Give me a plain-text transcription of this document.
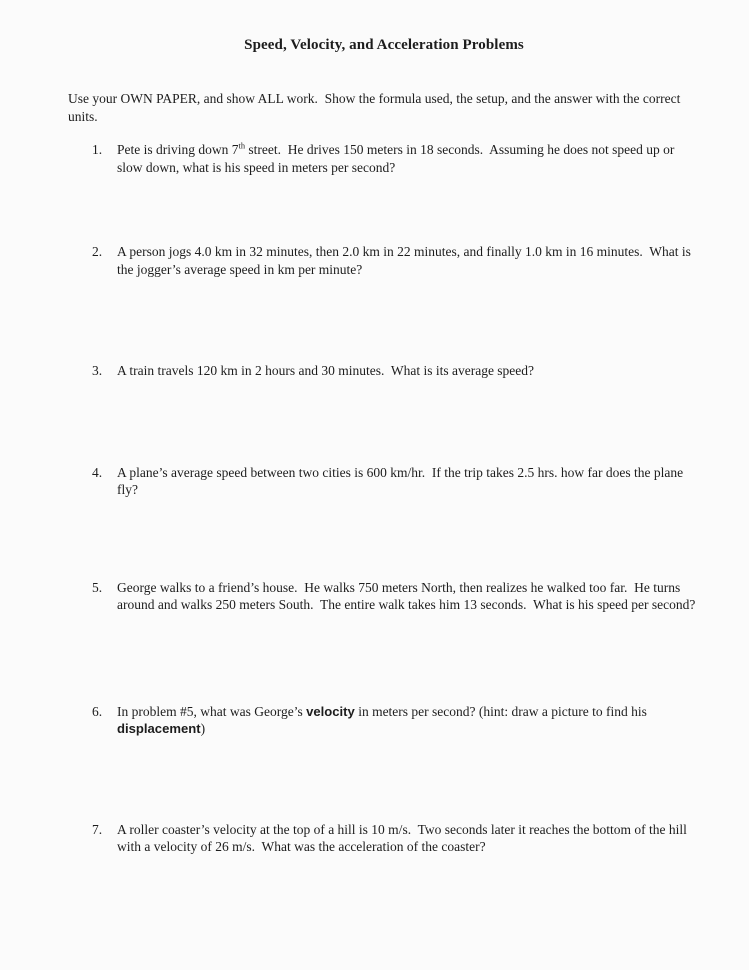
Speed, Velocity, and Acceleration Problems

Use your OWN PAPER, and show ALL work.  Show the formula used, the setup, and the answer with the correct units.

1.	Pete is driving down 7th street.  He drives 150 meters in 18 seconds.  Assuming he does not speed up or slow down, what is his speed in meters per second?
2.	A person jogs 4.0 km in 32 minutes, then 2.0 km in 22 minutes, and finally 1.0 km in 16 minutes.  What is the jogger’s average speed in km per minute?
3.	A train travels 120 km in 2 hours and 30 minutes.  What is its average speed?
4.	A plane’s average speed between two cities is 600 km/hr.  If the trip takes 2.5 hrs. how far does the plane fly?
5.	George walks to a friend’s house.  He walks 750 meters North, then realizes he walked too far.  He turns around and walks 250 meters South.  The entire walk takes him 13 seconds.  What is his speed per second?
6.	In problem #5, what was George’s velocity in meters per second? (hint: draw a picture to find his displacement)
7.	A roller coaster’s velocity at the top of a hill is 10 m/s.  Two seconds later it reaches the bottom of the hill with a velocity of 26 m/s.  What was the acceleration of the coaster?
